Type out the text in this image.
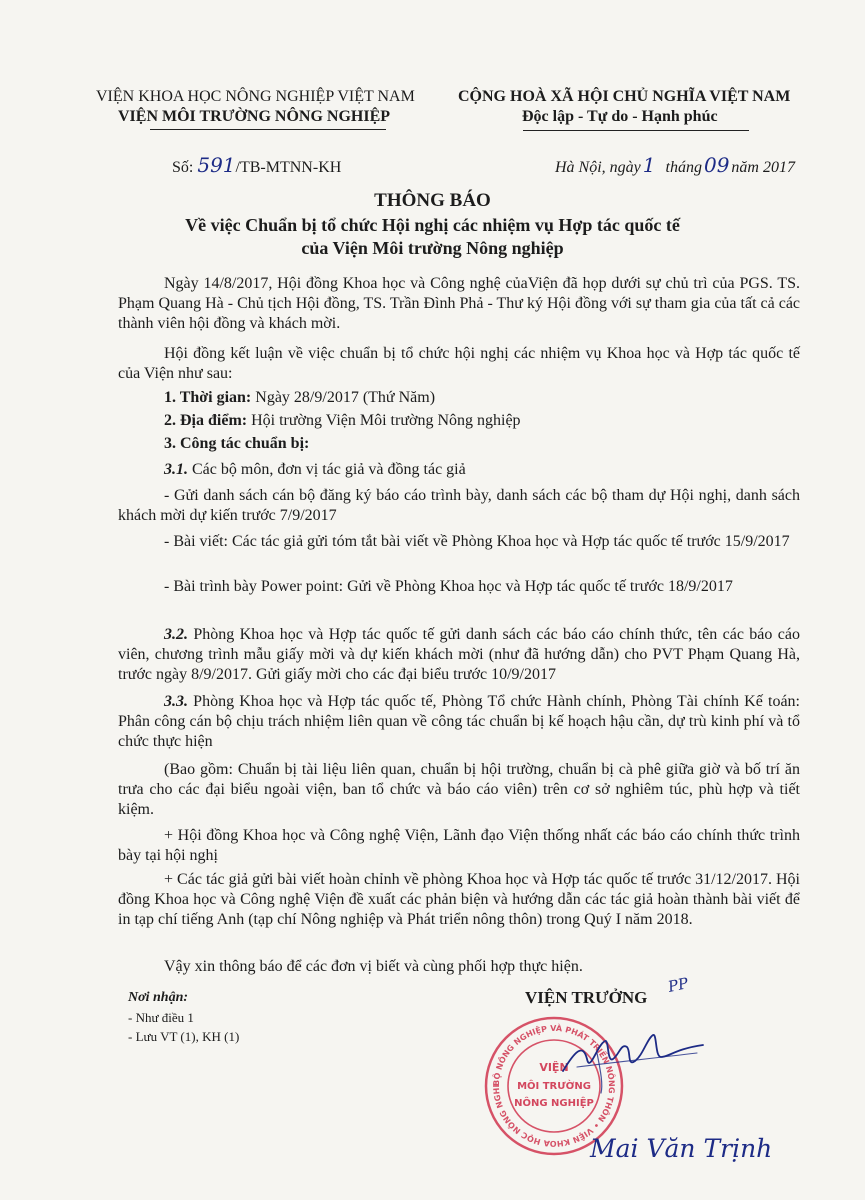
VIỆN KHOA HỌC NÔNG NGHIỆP VIỆT NAM
VIỆN MÔI TRƯỜNG NÔNG NGHIỆP
CỘNG HOÀ XÃ HỘI CHỦ NGHĨA VIỆT NAM
Độc lập - Tự do - Hạnh phúc
Số: 591/TB-MTNN-KH	Hà Nội, ngày 1 tháng 09 năm 2017
THÔNG BÁO
Về việc Chuẩn bị tổ chức Hội nghị các nhiệm vụ Hợp tác quốc tế
của Viện Môi trường Nông nghiệp
Ngày 14/8/2017, Hội đồng Khoa học và Công nghệ củaViện đã họp dưới sự chủ trì của PGS. TS. Phạm Quang Hà - Chủ tịch Hội đồng, TS. Trần Đình Phả - Thư ký Hội đồng với sự tham gia của tất cả các thành viên hội đồng và khách mời.
Hội đồng kết luận về việc chuẩn bị tổ chức hội nghị các nhiệm vụ Khoa học và Hợp tác quốc tế của Viện như sau:
1. Thời gian: Ngày 28/9/2017 (Thứ Năm)
2. Địa điểm: Hội trường Viện Môi trường Nông nghiệp
3. Công tác chuẩn bị:
3.1. Các bộ môn, đơn vị tác giả và đồng tác giả
- Gửi danh sách cán bộ đăng ký báo cáo trình bày, danh sách các bộ tham dự Hội nghị, danh sách khách mời dự kiến trước 7/9/2017
- Bài viết: Các tác giả gửi tóm tắt bài viết về Phòng Khoa học và Hợp tác quốc tế trước 15/9/2017
- Bài trình bày Power point: Gửi về Phòng Khoa học và Hợp tác quốc tế trước 18/9/2017
3.2. Phòng Khoa học và Hợp tác quốc tế gửi danh sách các báo cáo chính thức, tên các báo cáo viên, chương trình mẫu giấy mời và dự kiến khách mời (như đã hướng dẫn) cho PVT Phạm Quang Hà, trước ngày 8/9/2017. Gửi giấy mời cho các đại biểu trước 10/9/2017
3.3. Phòng Khoa học và Hợp tác quốc tế, Phòng Tổ chức Hành chính, Phòng Tài chính Kế toán: Phân công cán bộ chịu trách nhiệm liên quan về công tác chuẩn bị kế hoạch hậu cần, dự trù kinh phí và tổ chức thực hiện
(Bao gồm: Chuẩn bị tài liệu liên quan, chuẩn bị hội trường, chuẩn bị cà phê giữa giờ và bố trí ăn trưa cho các đại biểu ngoài viện, ban tổ chức và báo cáo viên) trên cơ sở nghiêm túc, phù hợp và tiết kiệm.
+ Hội đồng Khoa học và Công nghệ Viện, Lãnh đạo Viện thống nhất các báo cáo chính thức trình bày tại hội nghị
+ Các tác giả gửi bài viết hoàn chỉnh về phòng Khoa học và Hợp tác quốc tế trước 31/12/2017. Hội đồng Khoa học và Công nghệ Viện đề xuất các phản biện và hướng dẫn các tác giả hoàn thành bài viết để in tạp chí tiếng Anh (tạp chí Nông nghiệp và Phát triển nông thôn) trong Quý I năm 2018.
Vậy xin thông báo để các đơn vị biết và cùng phối hợp thực hiện.
Nơi nhận:
- Như điều 1
- Lưu VT (1), KH (1)
VIỆN TRƯỞNG
PP
BỘ NÔNG NGHIỆP VÀ PHÁT TRIỂN NÔNG THÔN • VIỆN KHOA HỌC NÔNG NGHI
VIỆN
MÔI TRƯỜNG
NÔNG NGHIỆP
Mai Văn Trịnh
